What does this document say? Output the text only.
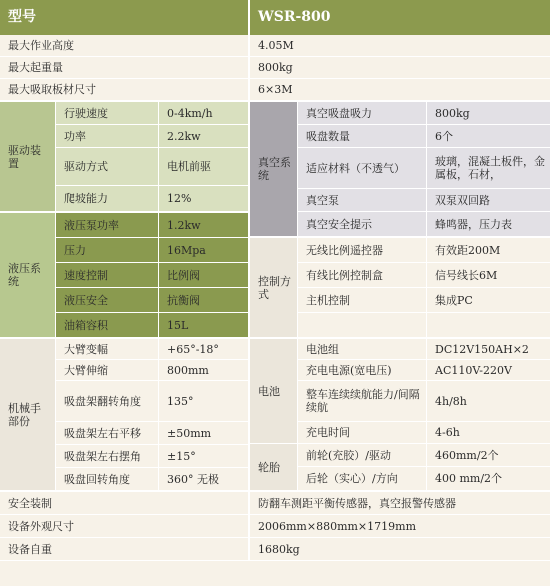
型号	WSR-800
最大作业高度	4.05M
最大起重量	800kg
最大吸取板材尺寸	6×3M
驱动装置
行驶速度	0-4km/h
功率	2.2kw
驱动方式	电机前驱
爬坡能力	12%
液压系统
液压泵功率	1.2kw
压力	16Mpa
速度控制	比例阀
液压安全	抗衡阀
油箱容积	15L
真空系统
真空吸盘吸力	800kg
吸盘数量	6个
适应材料（不透气）	玻璃，混凝土板件，金属板，石材，
真空泵	双泵双回路
真空安全提示	蜂鸣器，压力表
控制方式
无线比例遥控器	有效距200M
有线比例控制盒	信号线长6M
主机控制	集成PC
机械手部份
大臂变幅	+65°-18°
大臂伸缩	800mm
吸盘架翻转角度	135°
吸盘架左右平移	±50mm
吸盘架左右摆角	±15°
吸盘回转角度	360° 无极
电池
电池组	DC12V150AH×2
充电电源(宽电压)	AC110V-220V
整车连续续航能力/间隔续航	4h/8h
充电时间	4-6h
轮胎
前轮(充胶）/驱动	460mm/2个
后轮（实心）/方向	400 mm/2个
安全装制	防翻车测距平衡传感器，真空报警传感器
设备外观尺寸	2006mm×880mm×1719mm
设备自重	1680kg
